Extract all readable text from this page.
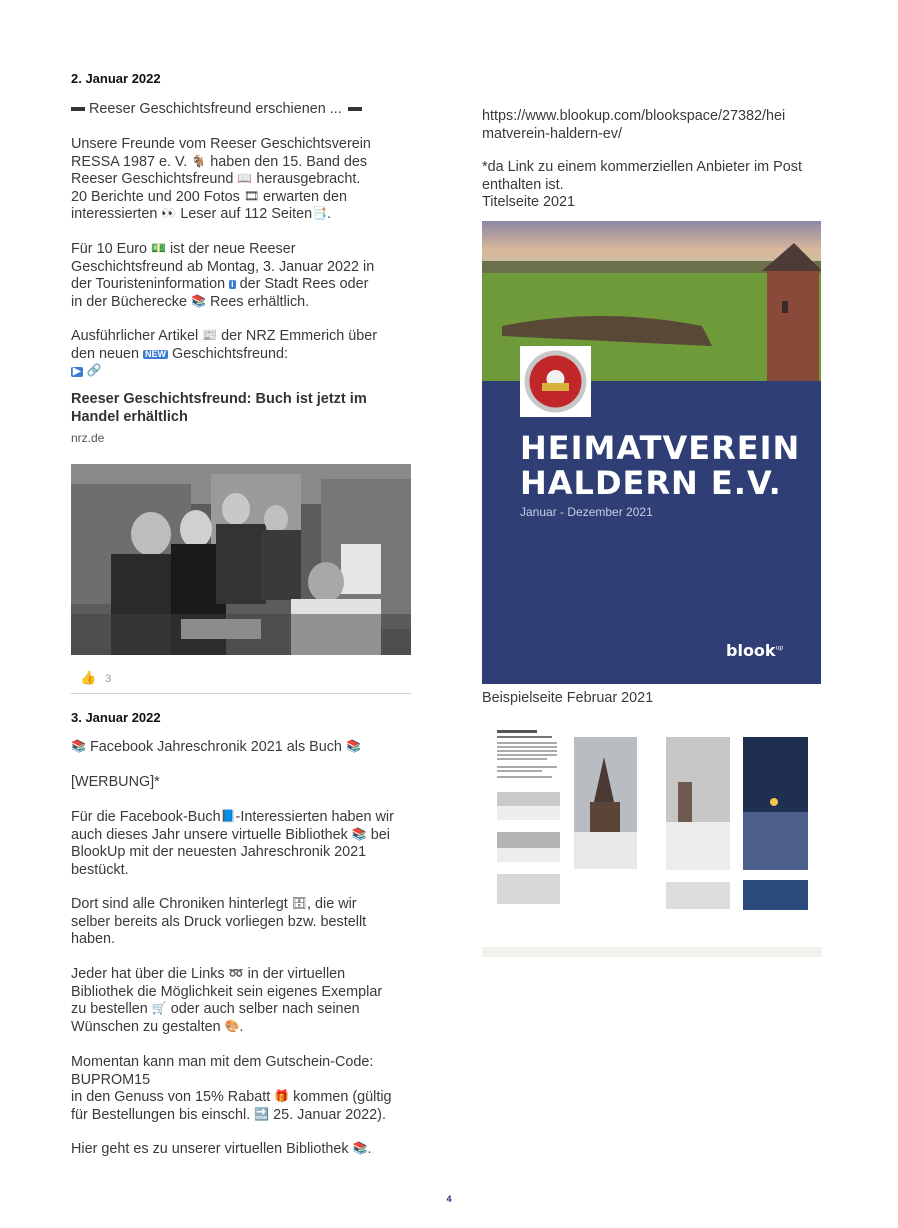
2. Januar 2022

Reeser Geschichtsfreund erschienen ...

Unsere Freunde vom Reeser Geschichtsverein
RESSA 1987 e. V. 🐐 haben den 15. Band des
Reeser Geschichtsfreund 📖 herausgebracht.
20 Berichte und 200 Fotos 🎞 erwarten den
interessierten 👀 Leser auf 112 Seiten📑.

Für 10 Euro 💵 ist der neue Reeser
Geschichtsfreund ab Montag, 3. Januar 2022 in
der Touristeninformation i der Stadt Rees oder
in der Bücherecke 📚 Rees erhältlich.

Ausführlicher Artikel 📰 der NRZ Emmerich über
den neuen NEW Geschichtsfreund:
▶ 🔗

Reeser Geschichtsfreund: Buch ist jetzt im Handel erhältlich
nrz.de
👍 3
3. Januar 2022

📚 Facebook Jahreschronik 2021 als Buch 📚

[WERBUNG]*

Für die Facebook-Buch📘-Interessierten haben wir
auch dieses Jahr unsere virtuelle Bibliothek 📚 bei
BlookUp mit der neuesten Jahreschronik 2021
bestückt.

Dort sind alle Chroniken hinterlegt 🗄, die wir
selber bereits als Druck vorliegen bzw. bestellt
haben.

Jeder hat über die Links ➿ in der virtuellen
Bibliothek die Möglichkeit sein eigenes Exemplar
zu bestellen 🛒 oder auch selber nach seinen
Wünschen zu gestalten 🎨.

Momentan kann man mit dem Gutschein-Code:
BUPROM15
in den Genuss von 15% Rabatt 🎁 kommen (gültig
für Bestellungen bis einschl. 🔜 25. Januar 2022).

Hier geht es zu unserer virtuellen Bibliothek 📚.

https://www.blookup.com/blookspace/27382/hei
matverein-haldern-ev/

*da Link zu einem kommerziellen Anbieter im Post
enthalten ist.
Titelseite 2021

HEIMATVEREIN
HALDERN E.V.
Januar - Dezember 2021
blook$^{up}$

Beispielseite Februar 2021

4
